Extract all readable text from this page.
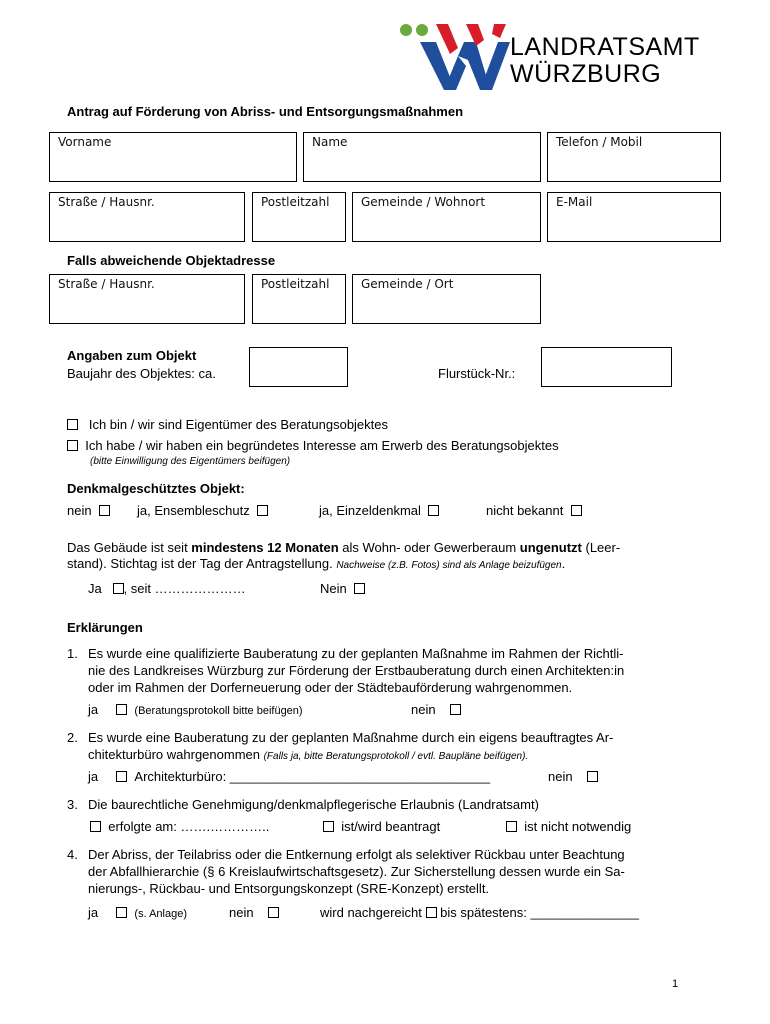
LANDRATSAMT
WÜRZBURG
Antrag auf Förderung von Abriss- und Entsorgungsmaßnahmen
Vorname	Name	Telefon / Mobil
Straße / Hausnr.	Postleitzahl	Gemeinde / Wohnort	E-Mail
Falls abweichende Objektadresse
Straße / Hausnr.	Postleitzahl	Gemeinde / Ort
Angaben zum Objekt
Baujahr des Objektes: ca.	Flurstück-Nr.:
Ich bin / wir sind Eigentümer des Beratungsobjektes
Ich habe / wir haben ein begründetes Interesse am Erwerb des Beratungsobjektes
(bitte Einwilligung des Eigentümers beifügen)
Denkmalgeschütztes Objekt:
nein	ja, Ensembleschutz	ja, Einzeldenkmal	nicht bekannt
Das Gebäude ist seit mindestens 12 Monaten als Wohn- oder Gewerberaum ungenutzt (Leer-
stand). Stichtag ist der Tag der Antragstellung. Nachweise (z.B. Fotos) sind als Anlage beizufügen.
Ja , seit …………………	Nein
Erklärungen
1. Es wurde eine qualifizierte Bauberatung zu der geplanten Maßnahme im Rahmen der Richtli-
nie des Landkreises Würzburg zur Förderung der Erstbauberatung durch einen Architekten:in
oder im Rahmen der Dorferneuerung oder der Städtebauförderung wahrgenommen.
ja	(Beratungsprotokoll bitte beifügen)	nein
2. Es wurde eine Bauberatung zu der geplanten Maßnahme durch ein eigens beauftragtes Ar-
chitekturbüro wahrgenommen (Falls ja, bitte Beratungsprotokoll / evtl. Baupläne beifügen).
ja	Architekturbüro: ____________________________________	nein
3. Die baurechtliche Genehmigung/denkmalpflegerische Erlaubnis (Landratsamt)
erfolgte am: …….…………..	ist/wird beantragt	ist nicht notwendig
4. Der Abriss, der Teilabriss oder die Entkernung erfolgt als selektiver Rückbau unter Beachtung
der Abfallhierarchie (§ 6 Kreislaufwirtschaftsgesetz). Zur Sicherstellung dessen wurde ein Sa-
nierungs-, Rückbau- und Entsorgungskonzept (SRE-Konzept) erstellt.
ja	(s. Anlage)	nein	wird nachgereicht bis spätestens: _______________
1
